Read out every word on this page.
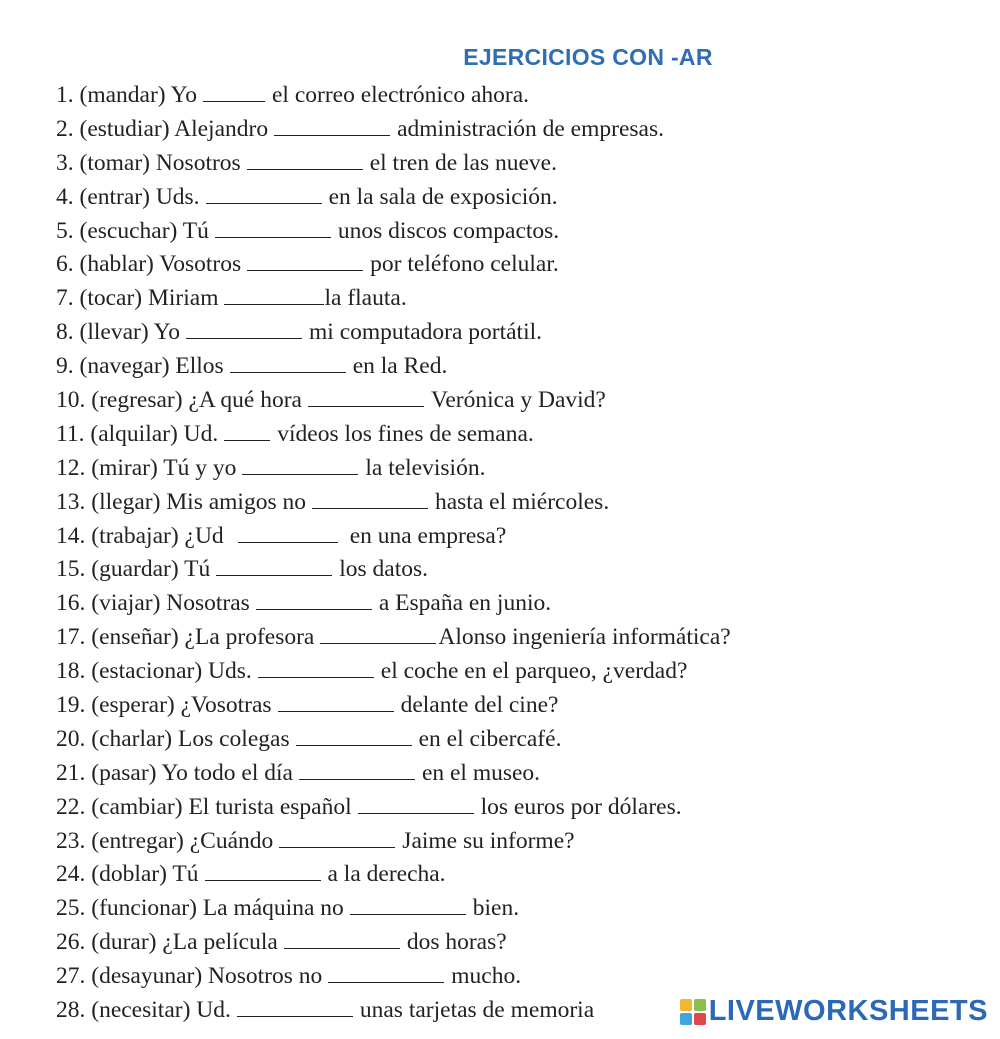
EJERCICIOS CON -AR
1. (mandar) Yo	el correo electrónico ahora.
2. (estudiar) Alejandro	administración de empresas.
3. (tomar) Nosotros	el tren de las nueve.
4. (entrar) Uds.	en la sala de exposición.
5. (escuchar) Tú	unos discos compactos.
6. (hablar) Vosotros	por teléfono celular.
7. (tocar) Miriam	la flauta.
8. (llevar) Yo	mi computadora portátil.
9. (navegar) Ellos	en la Red.
10. (regresar) ¿A qué hora	Verónica y David?
11. (alquilar) Ud.	vídeos los fines de semana.
12. (mirar) Tú y yo	la televisión.
13. (llegar) Mis amigos no	hasta el miércoles.
14. (trabajar) ¿Ud	en una empresa?
15. (guardar) Tú	los datos.
16. (viajar) Nosotras	a España en junio.
17. (enseñar) ¿La profesora	Alonso ingeniería informática?
18. (estacionar) Uds.	el coche en el parqueo, ¿verdad?
19. (esperar) ¿Vosotras	delante del cine?
20. (charlar) Los colegas	en el cibercafé.
21. (pasar) Yo todo el día	en el museo.
22. (cambiar) El turista español	los euros por dólares.
23. (entregar) ¿Cuándo	Jaime su informe?
24. (doblar) Tú	a la derecha.
25. (funcionar) La máquina no	bien.
26. (durar) ¿La película	dos horas?
27. (desayunar) Nosotros no	mucho.
28. (necesitar) Ud.	unas tarjetas de memoria	LIVEWORKSHEETS
